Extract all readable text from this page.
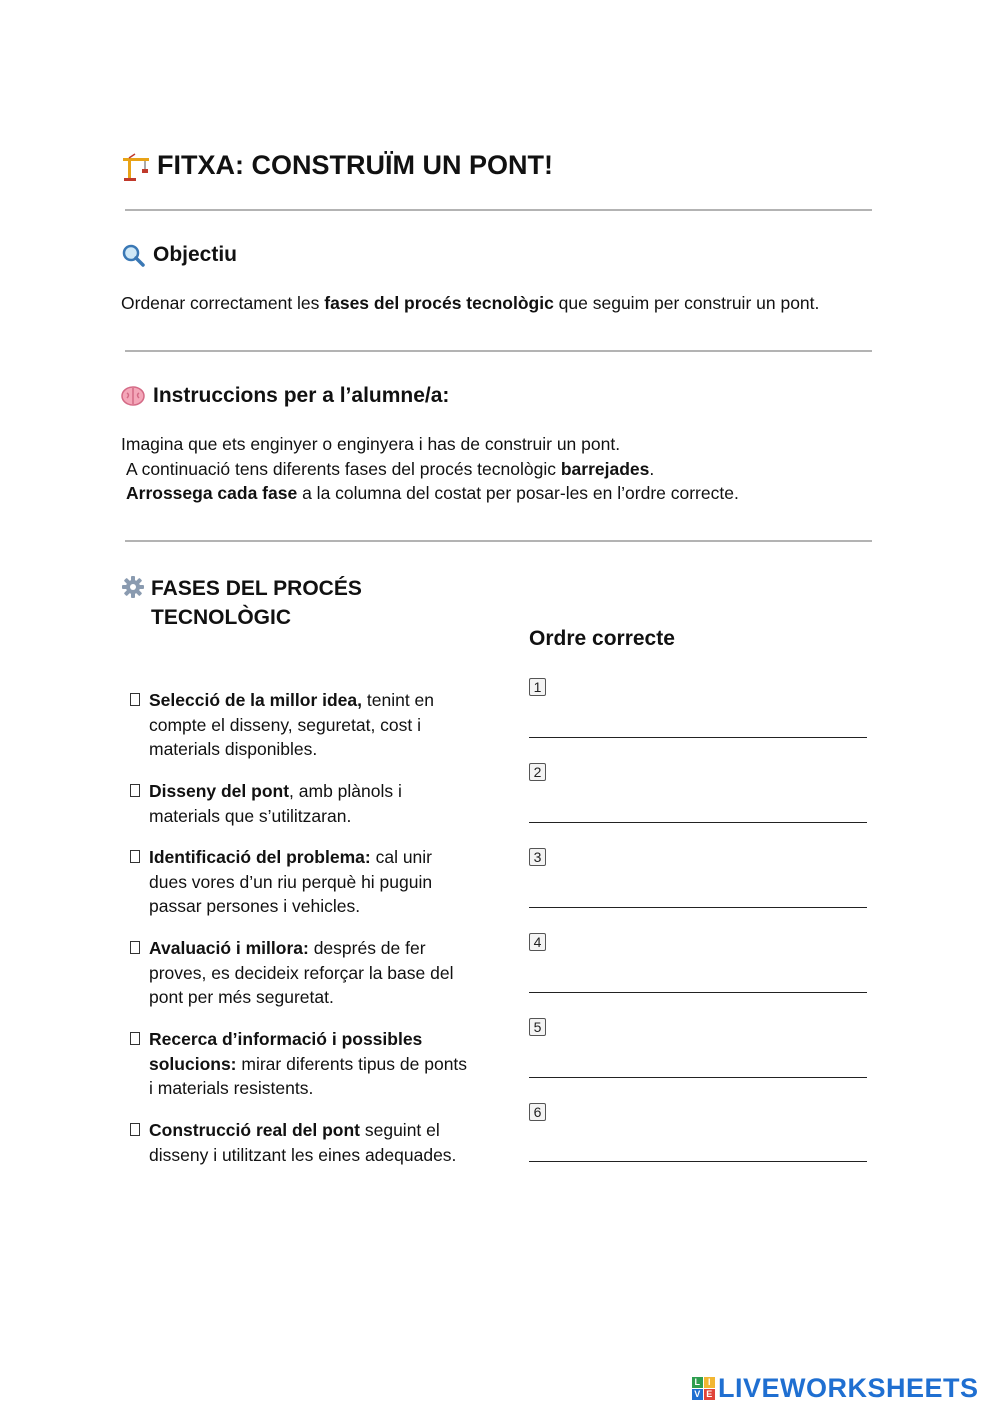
FITXA: CONSTRUÏM UN PONT!
Objectiu
Ordenar correctament les fases del procés tecnològic que seguim per construir un pont.
Instruccions per a l’alumne/a:
Imagina que ets enginyer o enginyera i has de construir un pont.
A continuació tens diferents fases del procés tecnològic barrejades.
Arrossega cada fase a la columna del costat per posar-les en l’ordre correcte.
FASES DEL PROCÉS TECNOLÒGIC
Ordre correcte
Selecció de la millor idea, tenint en compte el disseny, seguretat, cost i materials disponibles.
Disseny del pont, amb plànols i materials que s’utilitzaran.
Identificació del problema: cal unir dues vores d’un riu perquè hi puguin passar persones i vehicles.
Avaluació i millora: després de fer proves, es decideix reforçar la base del pont per més seguretat.
Recerca d’informació i possibles solucions: mirar diferents tipus de ponts i materials resistents.
Construcció real del pont seguint el disseny i utilitzant les eines adequades.
1
2
3
4
5
6
L I
V E LIVEWORKSHEETS
